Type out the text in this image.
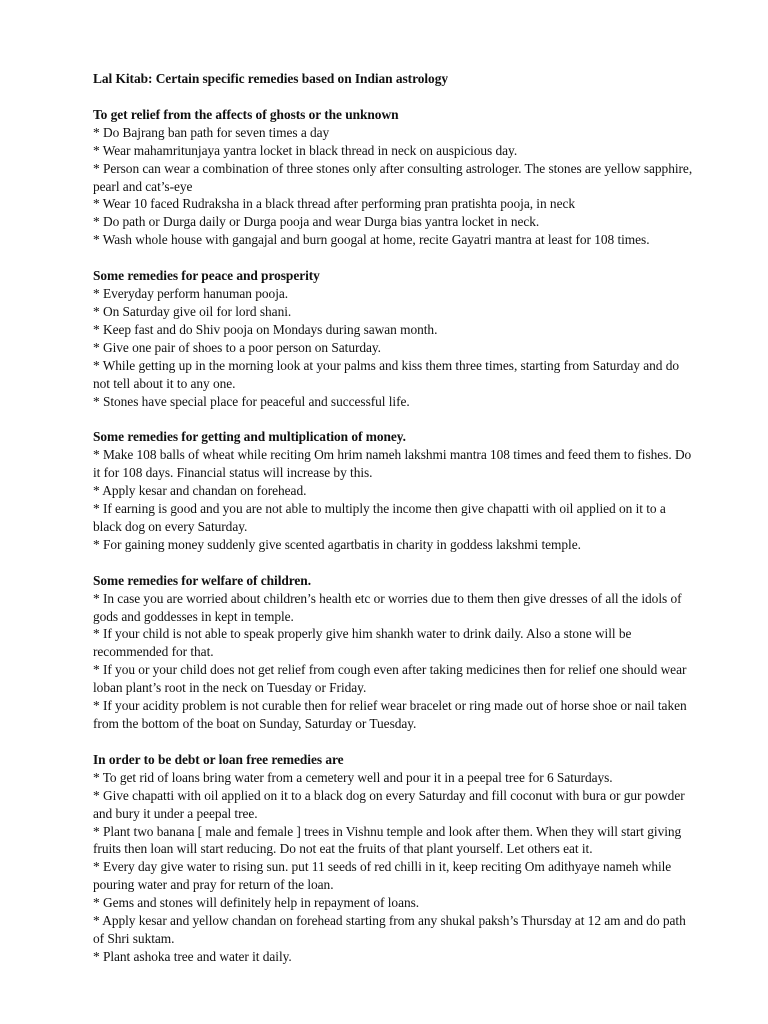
Lal Kitab: Certain specific remedies based on Indian astrology
To get relief from the affects of ghosts or the unknown
* Do Bajrang ban path for seven times a day
* Wear mahamritunjaya yantra locket in black thread in neck on auspicious day.
* Person can wear a combination of three stones only after consulting astrologer. The stones are yellow sapphire, pearl and cat’s-eye
* Wear 10 faced Rudraksha in a black thread after performing pran pratishta pooja, in neck
* Do path or Durga daily or Durga pooja and wear Durga bias yantra locket in neck.
* Wash whole house with gangajal and burn googal at home, recite Gayatri mantra at least for 108 times.
Some remedies for peace and prosperity
* Everyday perform hanuman pooja.
* On Saturday give oil for lord shani.
* Keep fast and do Shiv pooja on Mondays during sawan month.
* Give one pair of shoes to a poor person on Saturday.
* While getting up in the morning look at your palms and kiss them three times, starting from Saturday and do not tell about it to any one.
* Stones have special place for peaceful and successful life.
Some remedies for getting and multiplication of money.
* Make 108 balls of wheat while reciting Om hrim nameh lakshmi mantra 108 times and feed them to fishes. Do it for 108 days. Financial status will increase by this.
* Apply kesar and chandan on forehead.
* If earning is good and you are not able to multiply the income then give chapatti with oil applied on it to a black dog on every Saturday.
* For gaining money suddenly give scented agartbatis in charity in goddess lakshmi temple.
Some remedies for welfare of children.
* In case you are worried about children’s health etc or worries due to them then give dresses of all the idols of gods and goddesses in kept in temple.
* If your child is not able to speak properly give him shankh water to drink daily. Also a stone will be recommended for that.
* If you or your child does not get relief from cough even after taking medicines then for relief one should wear loban plant’s root in the neck on Tuesday or Friday.
* If your acidity problem is not curable then for relief wear bracelet or ring made out of horse shoe or nail taken from the bottom of the boat on Sunday, Saturday or Tuesday.
In order to be debt or loan free remedies are
* To get rid of loans bring water from a cemetery well and pour it in a peepal tree for 6 Saturdays.
* Give chapatti with oil applied on it to a black dog on every Saturday and fill coconut with bura or gur powder and bury it under a peepal tree.
* Plant two banana [ male and female ] trees in Vishnu temple and look after them. When they will start giving fruits then loan will start reducing. Do not eat the fruits of that plant yourself. Let others eat it.
* Every day give water to rising sun. put 11 seeds of red chilli in it, keep reciting Om adithyaye nameh while pouring water and pray for return of the loan.
* Gems and stones will definitely help in repayment of loans.
* Apply kesar and yellow chandan on forehead starting from any shukal paksh’s Thursday at 12 am and do path of Shri suktam.
* Plant ashoka tree and water it daily.
